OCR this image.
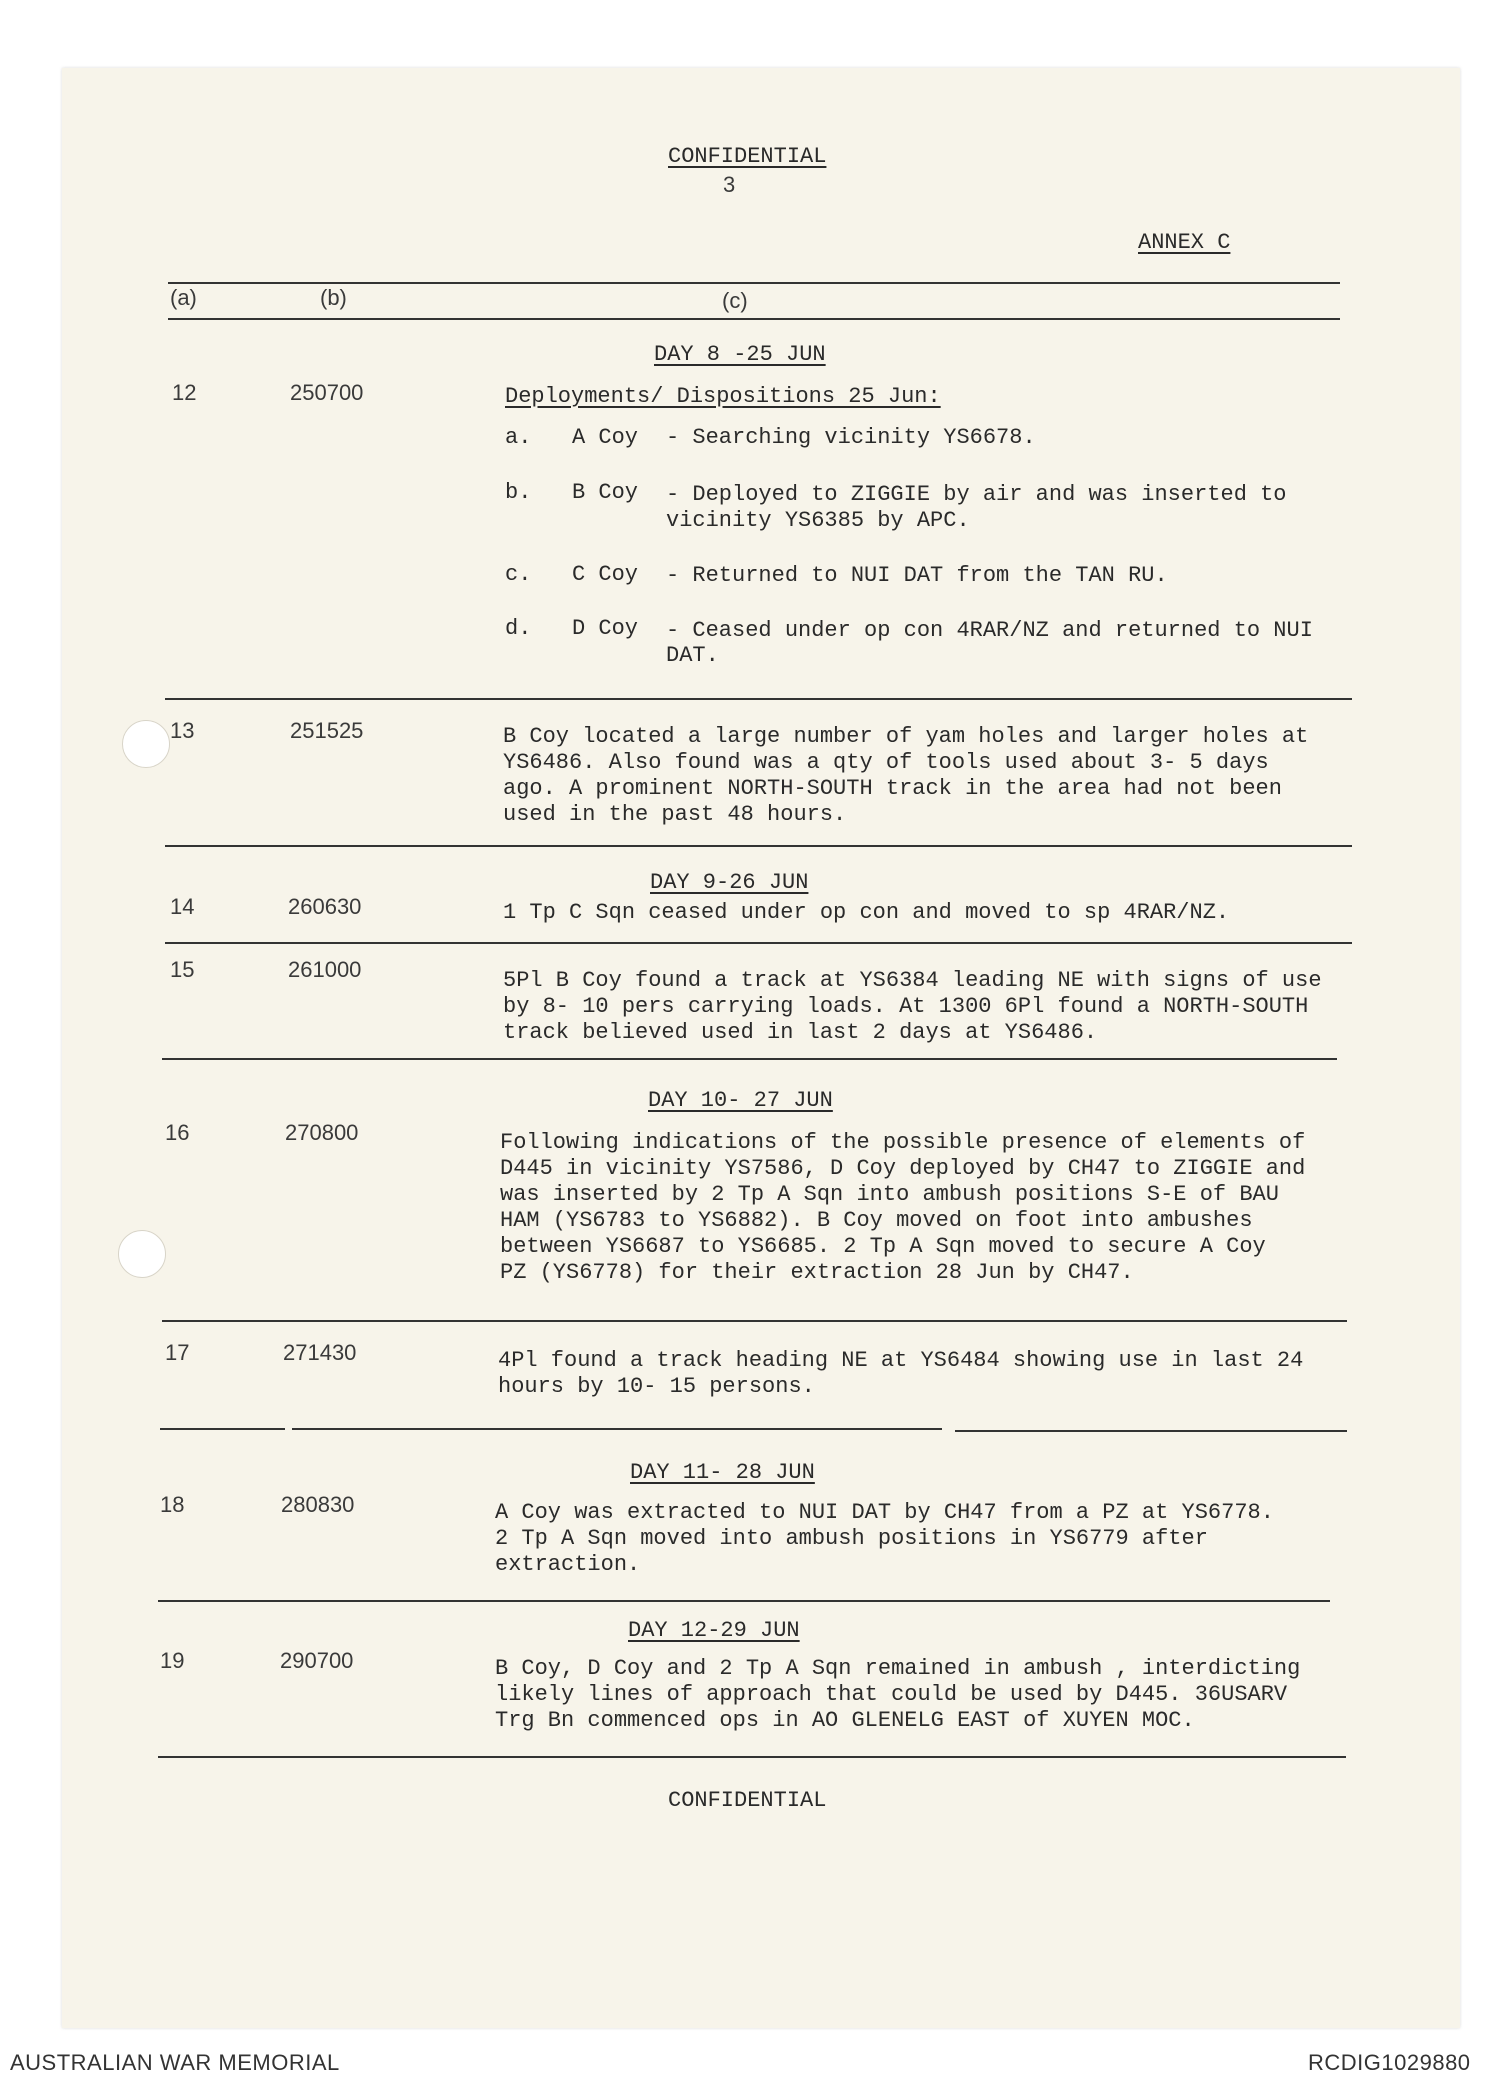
CONFIDENTIAL
3
ANNEX C
(a)	(b)	(c)
DAY 8 -25 JUN
12	250700	Deployments/ Dispositions 25 Jun:
a. A Coy - Searching vicinity YS6678.
b. B Coy - Deployed to ZIGGIE by air and was inserted to
vicinity YS6385 by APC.
c. C Coy - Returned to NUI DAT from the TAN RU.
d. D Coy - Ceased under op con 4RAR/NZ and returned to NUI
DAT.
13	251525	B Coy located a large number of yam holes and larger holes at
YS6486. Also found was a qty of tools used about 3- 5 days
ago. A prominent NORTH-SOUTH track in the area had not been
used in the past 48 hours.
DAY 9-26 JUN
14	260630	1 Tp C Sqn ceased under op con and moved to sp 4RAR/NZ.
15	261000	5Pl B Coy found a track at YS6384 leading NE with signs of use
by 8- 10 pers carrying loads. At 1300 6Pl found a NORTH-SOUTH
track believed used in last 2 days at YS6486.
DAY 10- 27 JUN
16	270800	Following indications of the possible presence of elements of
D445 in vicinity YS7586, D Coy deployed by CH47 to ZIGGIE and
was inserted by 2 Tp A Sqn into ambush positions S-E of BAU
HAM (YS6783 to YS6882). B Coy moved on foot into ambushes
between YS6687 to YS6685. 2 Tp A Sqn moved to secure A Coy
PZ (YS6778) for their extraction 28 Jun by CH47.
17	271430	4Pl found a track heading NE at YS6484 showing use in last 24
hours by 10- 15 persons.
DAY 11- 28 JUN
18	280830	A Coy was extracted to NUI DAT by CH47 from a PZ at YS6778.
2 Tp A Sqn moved into ambush positions in YS6779 after
extraction.
DAY 12-29 JUN
19	290700	B Coy, D Coy and 2 Tp A Sqn remained in ambush , interdicting
likely lines of approach that could be used by D445. 36USARV
Trg Bn commenced ops in AO GLENELG EAST of XUYEN MOC.
CONFIDENTIAL
AUSTRALIAN WAR MEMORIAL	RCDIG1029880
